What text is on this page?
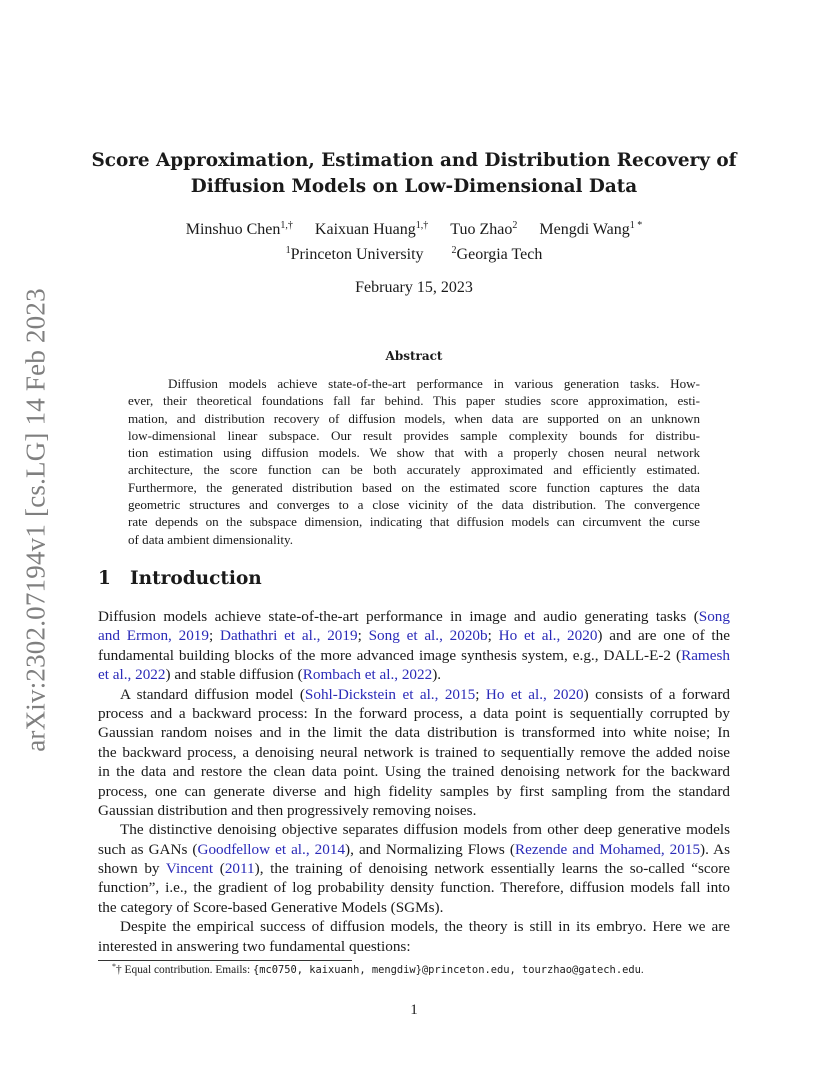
arXiv:2302.07194v1 [cs.LG] 14 Feb 2023
Score Approximation, Estimation and Distribution Recovery of
Diffusion Models on Low-Dimensional Data
Minshuo Chen$^{1,\dagger}$ Kaixuan Huang$^{1,\dagger}$ Tuo Zhao$^2$ Mengdi Wang$^{1 *}$
$^1$Princeton University	$^2$Georgia Tech
February 15, 2023
Abstract
Diffusion models achieve state-of-the-art performance in various generation tasks. How-
ever, their theoretical foundations fall far behind. This paper studies score approximation, esti-
mation, and distribution recovery of diffusion models, when data are supported on an unknown
low-dimensional linear subspace. Our result provides sample complexity bounds for distribu-
tion estimation using diffusion models. We show that with a properly chosen neural network
architecture, the score function can be both accurately approximated and efficiently estimated.
Furthermore, the generated distribution based on the estimated score function captures the data
geometric structures and converges to a close vicinity of the data distribution. The convergence
rate depends on the subspace dimension, indicating that diffusion models can circumvent the curse
of data ambient dimensionality.
1 Introduction
Diffusion models achieve state-of-the-art performance in image and audio generating tasks (Song
and Ermon, 2019; Dathathri et al., 2019; Song et al., 2020b; Ho et al., 2020) and are one of the
fundamental building blocks of the more advanced image synthesis system, e.g., DALL-E-2 (Ramesh
et al., 2022) and stable diffusion (Rombach et al., 2022).
A standard diffusion model (Sohl-Dickstein et al., 2015; Ho et al., 2020) consists of a forward
process and a backward process: In the forward process, a data point is sequentially corrupted by
Gaussian random noises and in the limit the data distribution is transformed into white noise; In
the backward process, a denoising neural network is trained to sequentially remove the added noise
in the data and restore the clean data point. Using the trained denoising network for the backward
process, one can generate diverse and high fidelity samples by first sampling from the standard
Gaussian distribution and then progressively removing noises.
The distinctive denoising objective separates diffusion models from other deep generative models
such as GANs (Goodfellow et al., 2014), and Normalizing Flows (Rezende and Mohamed, 2015). As
shown by Vincent (2011), the training of denoising network essentially learns the so-called “score
function”, i.e., the gradient of log probability density function. Therefore, diffusion models fall into
the category of Score-based Generative Models (SGMs).
Despite the empirical success of diffusion models, the theory is still in its embryo. Here we are
interested in answering two fundamental questions:
*† Equal contribution. Emails: {mc0750, kaixuanh, mengdiw}@princeton.edu, tourzhao@gatech.edu.
1
